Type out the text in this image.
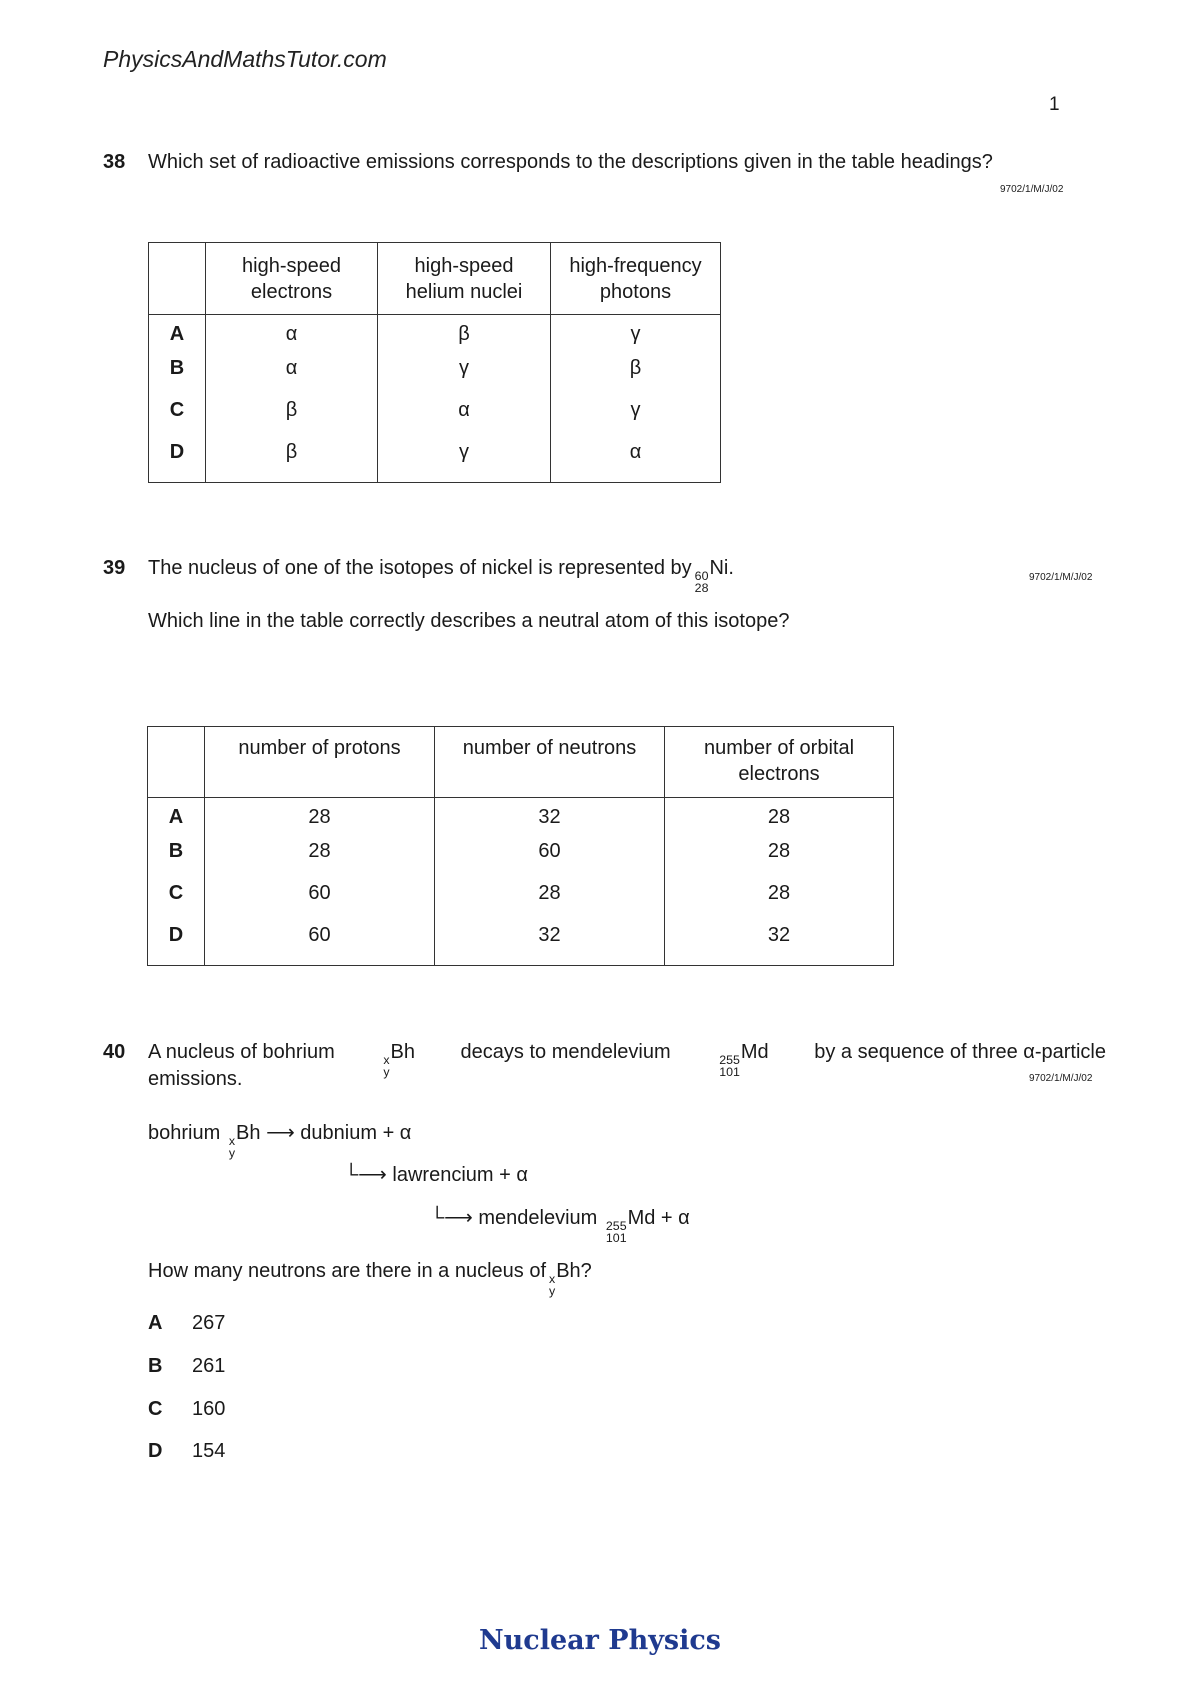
PhysicsAndMathsTutor.com
1
38 Which set of radioactive emissions corresponds to the descriptions given in the table headings?
9702/1/M/J/02
	high-speed
electrons	high-speed
helium nuclei	high-frequency
photons
A	α	β	γ
B	α	γ	β
C	β	α	γ
D	β	γ	α
39 The nucleus of one of the isotopes of nickel is represented by 60
28
Ni.	9702/1/M/J/02
Which line in the table correctly describes a neutral atom of this isotope?
	number of protons	number of neutrons	number of orbital
electrons
A	28	32	28
B	28	60	28
C	60	28	28
D	60	32	32
40 A nucleus of bohrium	x
y
Bh decays to mendelevium	255
101
Md by a sequence of three α-particle
emissions.	9702/1/M/J/02
bohrium x
y
Bh ⟶ dubnium + α
└⟶ lawrencium + α
└⟶ mendelevium 255
101
Md + α
How many neutrons are there in a nucleus of x
y
Bh?
A 267
B 261
C 160
D 154
Nuclear Physics
